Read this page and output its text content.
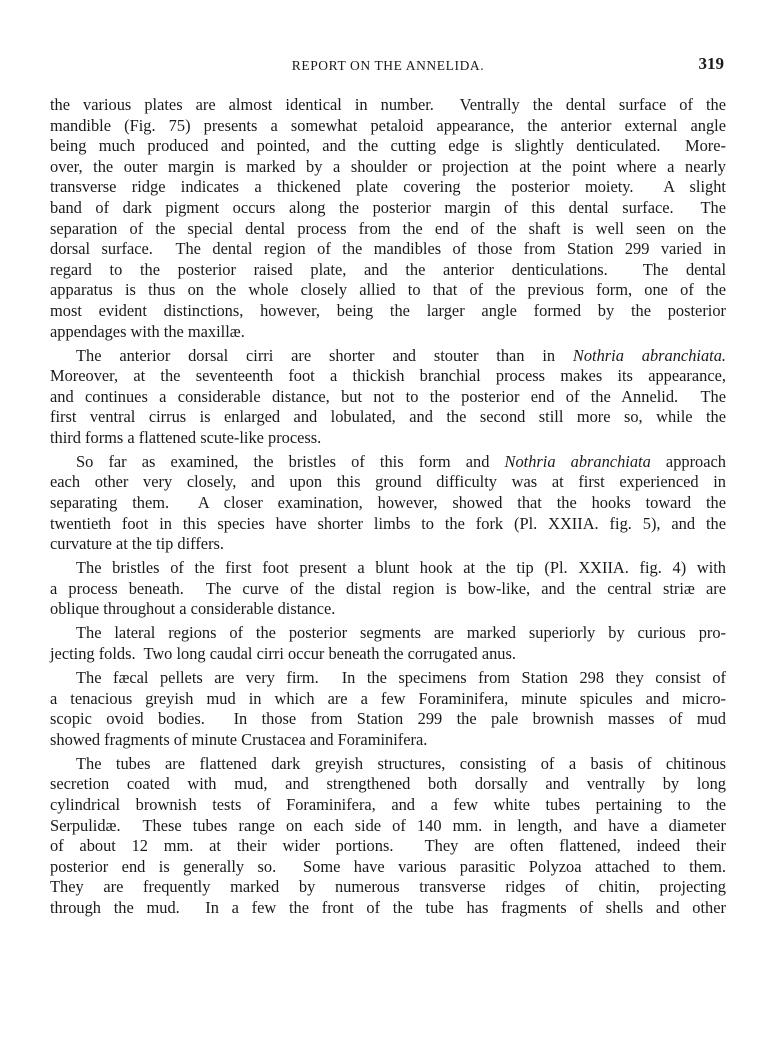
REPORT ON THE ANNELIDA.	319
the various plates are almost identical in number.  Ventrally the dental surface of the
mandible (Fig. 75) presents a somewhat petaloid appearance, the anterior external angle
being much produced and pointed, and the cutting edge is slightly denticulated.  More-
over, the outer margin is marked by a shoulder or projection at the point where a nearly
transverse ridge indicates a thickened plate covering the posterior moiety.  A slight
band of dark pigment occurs along the posterior margin of this dental surface.  The
separation of the special dental process from the end of the shaft is well seen on the
dorsal surface.  The dental region of the mandibles of those from Station 299 varied in
regard to the posterior raised plate, and the anterior denticulations.  The dental
apparatus is thus on the whole closely allied to that of the previous form, one of the
most evident distinctions, however, being the larger angle formed by the posterior
appendages with the maxillæ.
The anterior dorsal cirri are shorter and stouter than in Nothria abranchiata.
Moreover, at the seventeenth foot a thickish branchial process makes its appearance,
and continues a considerable distance, but not to the posterior end of the Annelid.  The
first ventral cirrus is enlarged and lobulated, and the second still more so, while the
third forms a flattened scute-like process.
So far as examined, the bristles of this form and Nothria abranchiata approach
each other very closely, and upon this ground difficulty was at first experienced in
separating them.  A closer examination, however, showed that the hooks toward the
twentieth foot in this species have shorter limbs to the fork (Pl. XXIIA. fig. 5), and the
curvature at the tip differs.
The bristles of the first foot present a blunt hook at the tip (Pl. XXIIA. fig. 4) with
a process beneath.  The curve of the distal region is bow-like, and the central striæ are
oblique throughout a considerable distance.
The lateral regions of the posterior segments are marked superiorly by curious pro-
jecting folds.  Two long caudal cirri occur beneath the corrugated anus.
The fæcal pellets are very firm.  In the specimens from Station 298 they consist of
a tenacious greyish mud in which are a few Foraminifera, minute spicules and micro-
scopic ovoid bodies.  In those from Station 299 the pale brownish masses of mud
showed fragments of minute Crustacea and Foraminifera.
The tubes are flattened dark greyish structures, consisting of a basis of chitinous
secretion coated with mud, and strengthened both dorsally and ventrally by long
cylindrical brownish tests of Foraminifera, and a few white tubes pertaining to the
Serpulidæ.  These tubes range on each side of 140 mm. in length, and have a diameter
of about 12 mm. at their wider portions.  They are often flattened, indeed their
posterior end is generally so.  Some have various parasitic Polyzoa attached to them.
They are frequently marked by numerous transverse ridges of chitin, projecting
through the mud.  In a few the front of the tube has fragments of shells and other
